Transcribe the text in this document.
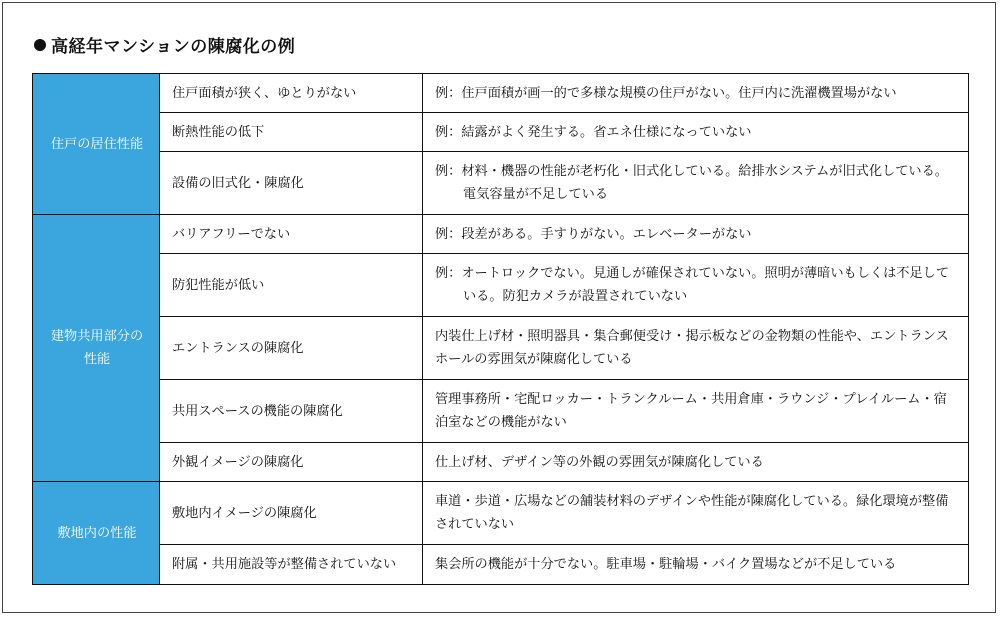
高経年マンションの陳腐化の例
住戸の居住性能	住戸面積が狭く、ゆとりがない	例：住戸面積が画一的で多様な規模の住戸がない。住戸内に洗濯機置場がない

	断熱性能の低下	例：結露がよく発生する。省エネ仕様になっていない

	設備の旧式化・陳腐化	例：材料・機器の性能が老朽化・旧式化している。給排水システムが旧式化している。電気容量が不足している

建物共用部分の性能	バリアフリーでない	例：段差がある。手すりがない。エレベーターがない

	防犯性能が低い	例：オートロックでない。見通しが確保されていない。照明が薄暗いもしくは不足している。防犯カメラが設置されていない

	エントランスの陳腐化	内装仕上げ材・照明器具・集合郵便受け・掲示板などの金物類の性能や、エントランスホールの雰囲気が陳腐化している
	共用スペースの機能の陳腐化	管理事務所・宅配ロッカー・トランクルーム・共用倉庫・ラウンジ・プレイルーム・宿泊室などの機能がない
	外観イメージの陳腐化	仕上げ材、デザイン等の外観の雰囲気が陳腐化している
敷地内の性能	敷地内イメージの陳腐化	車道・歩道・広場などの舗装材料のデザインや性能が陳腐化している。緑化環境が整備されていない
	附属・共用施設等が整備されていない	集会所の機能が十分でない。駐車場・駐輪場・バイク置場などが不足している
